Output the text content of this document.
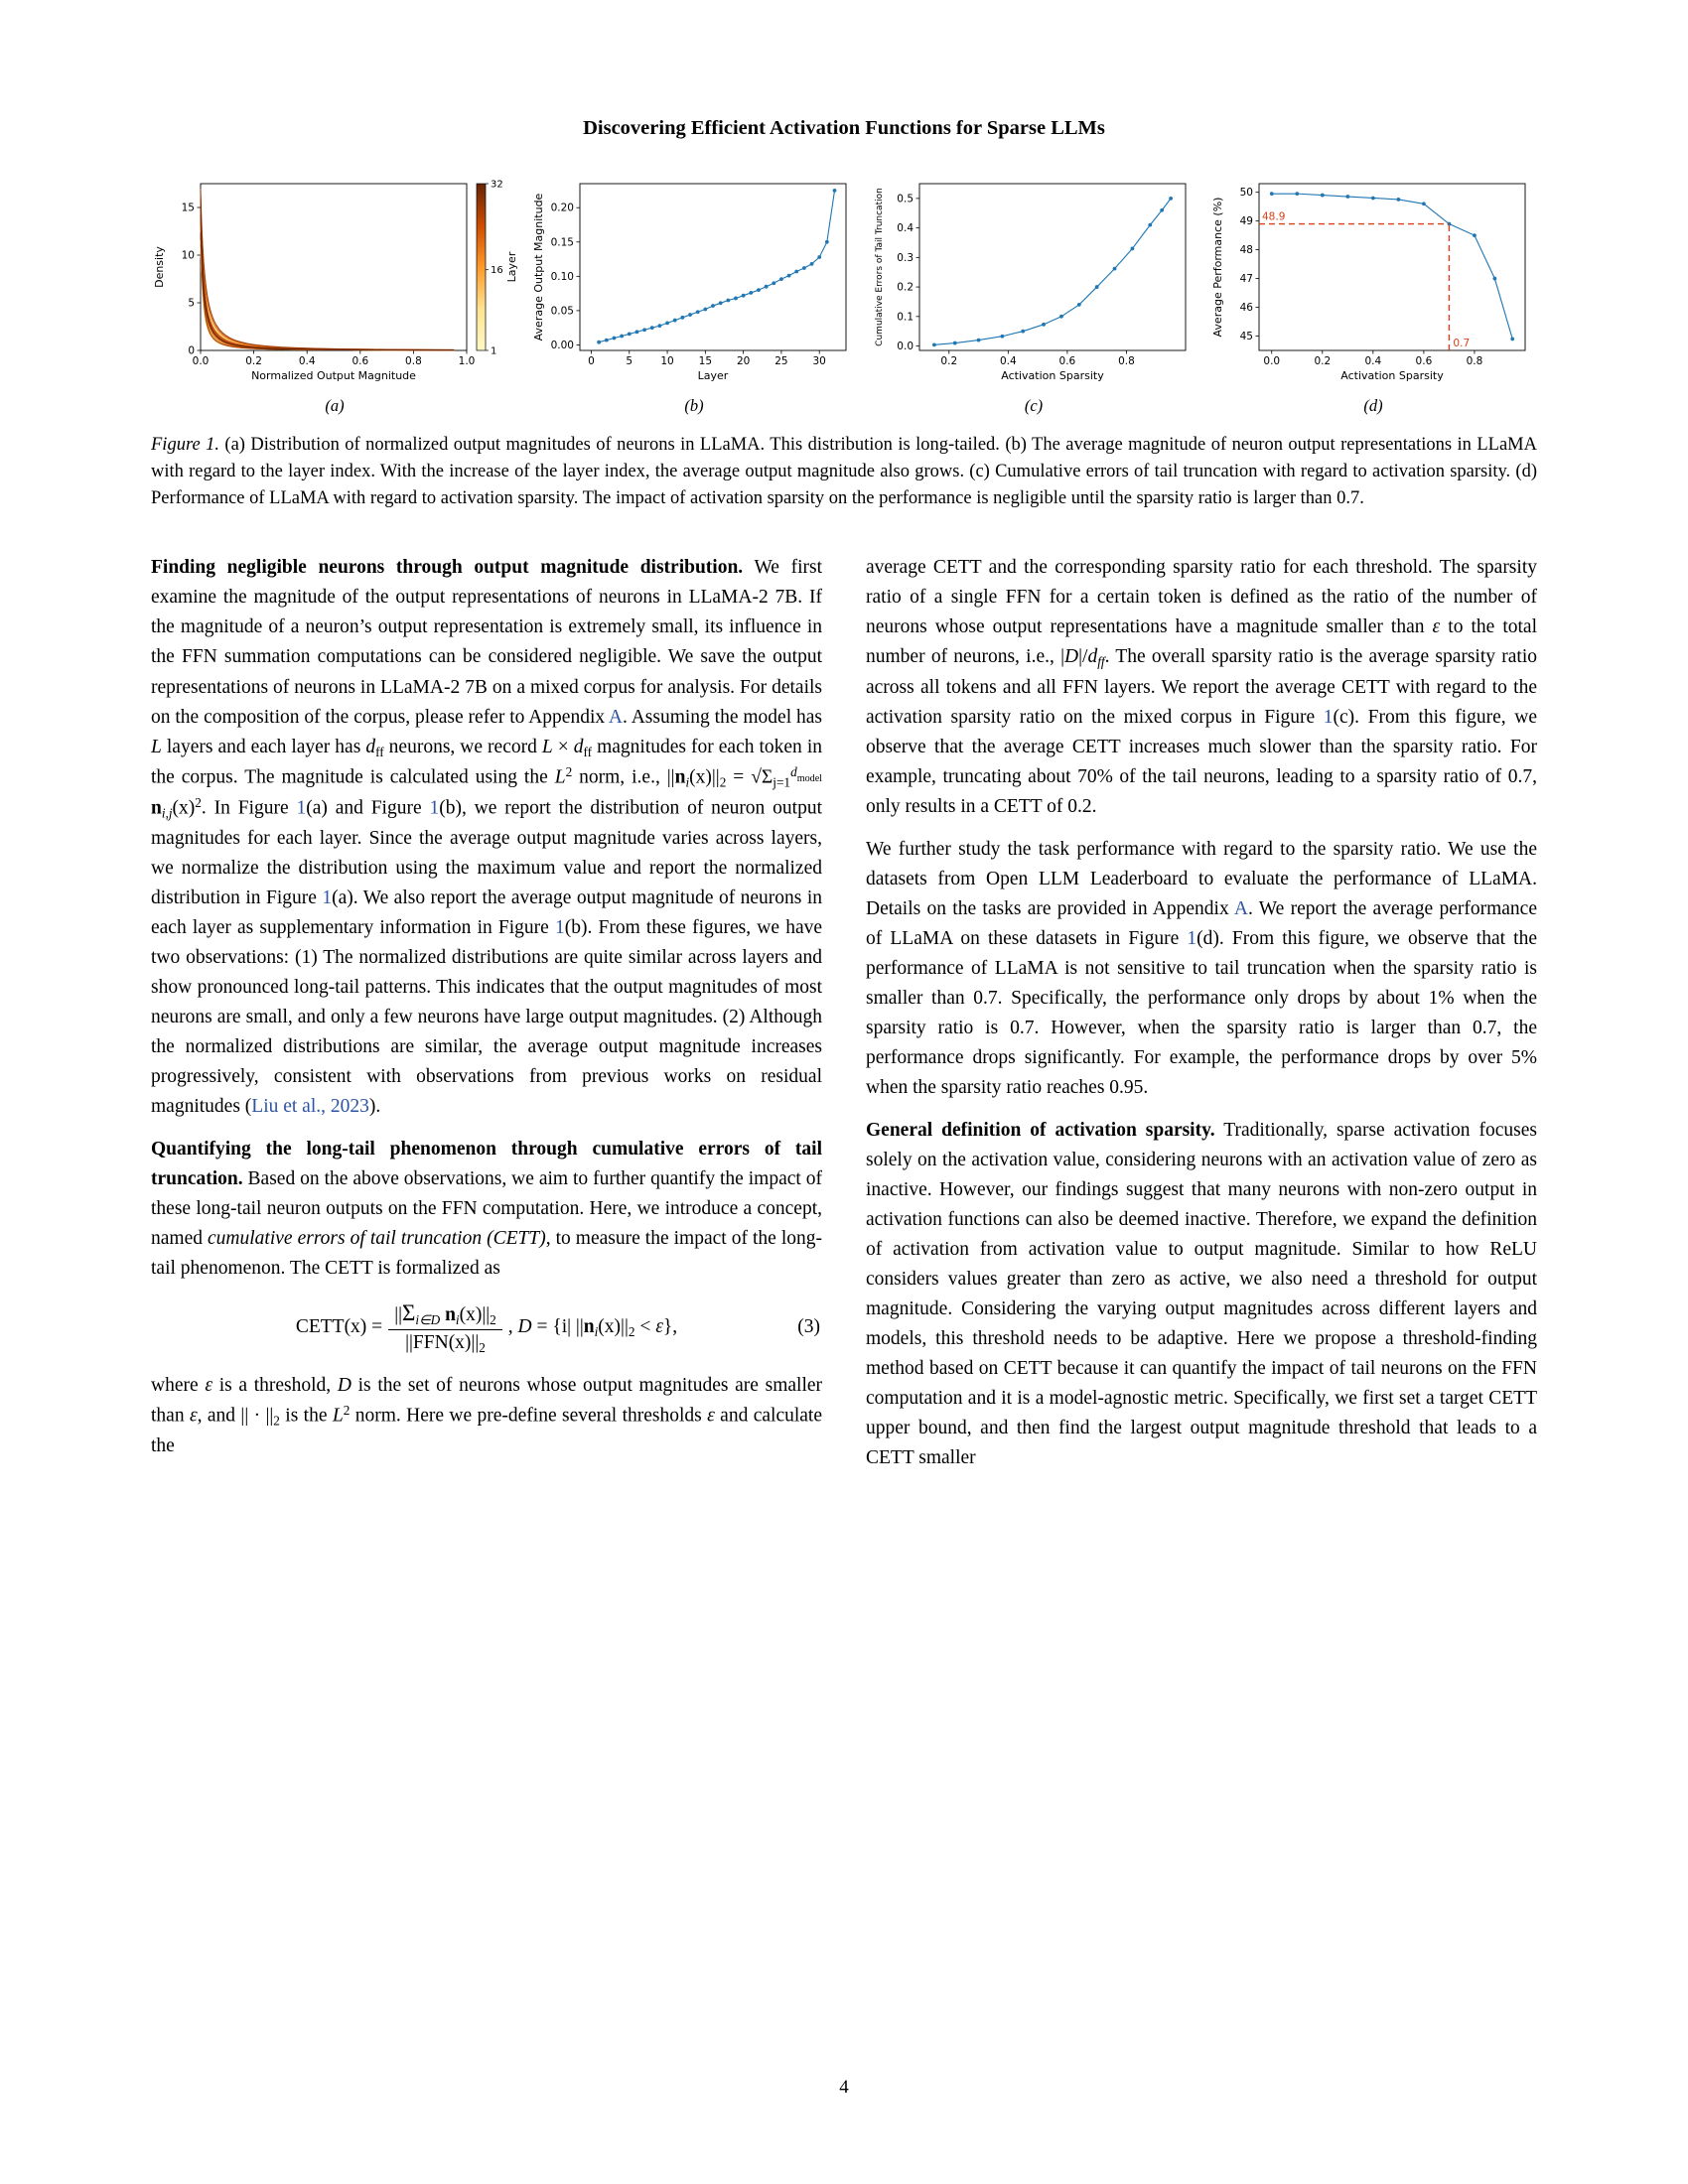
Discovering Efficient Activation Functions for Sparse LLMs
0.0	0.2	0.4	0.6	0.8	1.0
0
5
10
15
Normalized Output Magnitude
Density
1
16
32
Layer
(a)
0	5	10 15 20 25 30
0.00
0.05
0.10
0.15
0.20
Layer
Average Output Magnitude
(b)
0.2	0.4	0.6	0.8
0.0
0.1
0.2
0.3
0.4
0.5
Activation Sparsity
Cumulative Errors of Tail Truncation
(c)
0.0	0.2	0.4	0.6	0.8
45
46
47
48
49
50
Activation Sparsity
Average Performance (%)	48.9
0.7
(d)
Figure 1. (a) Distribution of normalized output magnitudes of neurons in LLaMA. This distribution is long-tailed. (b) The average magnitude of neuron output representations in LLaMA with regard to the layer index. With the increase of the layer index, the average output magnitude also grows. (c) Cumulative errors of tail truncation with regard to activation sparsity. (d) Performance of LLaMA with regard to activation sparsity. The impact of activation sparsity on the performance is negligible until the sparsity ratio is larger than 0.7.

Finding negligible neurons through output magnitude distribution. We first examine the magnitude of the output representations of neurons in LLaMA-2 7B. If the magnitude of a neuron’s output representation is extremely small, its influence in the FFN summation computations can be considered negligible. We save the output representations of neurons in LLaMA-2 7B on a mixed corpus for analysis. For details on the composition of the corpus, please refer to Appendix A. Assuming the model has L layers and each layer has $d_{ff}$ neurons, we record $L \times d_{ff}$ magnitudes for each token in the corpus. The magnitude is calculated using the $L^2$ norm, i.e., $||n_i(x)||_2$ = $√\Sigma_{j=1}^dmodel$ $n_{i,j}(x)^2$. In Figure 1(a) and Figure 1(b), we report the distribution of neuron output magnitudes for each layer. Since the average output magnitude varies across layers, we normalize the distribution using the maximum value and report the normalized distribution in Figure 1(a). We also report the average output magnitude of neurons in each layer as supplementary information in Figure 1(b). From these figures, we have two observations: (1) The normalized distributions are quite similar across layers and show pronounced long-tail patterns. This indicates that the output magnitudes of most neurons are small, and only a few neurons have large output magnitudes. (2) Although the normalized distributions are similar, the average output magnitude increases progressively, consistent with observations from previous works on residual magnitudes (Liu et al., 2023).

Quantifying the long-tail phenomenon through cumulative errors of tail truncation. Based on the above observations, we aim to further quantify the impact of these long-tail neuron outputs on the FFN computation. Here, we introduce a concept, named cumulative errors of tail truncation (CETT), to measure the impact of the long-tail phenomenon. The CETT is formalized as

CETT(x) = $\frac{||\Sigma_{i\in D} n_i(x)||_2}{||FFN(x)||_2}$ , D = {i| $||n_i(x)||_2 < \varepsilon$},	(3)

where ε is a threshold, D is the set of neurons whose output magnitudes are smaller than ε, and || · $||_2$ is the $L^2$ norm. Here we pre-define several thresholds ε and calculate the

average CETT and the corresponding sparsity ratio for each threshold. The sparsity ratio of a single FFN for a certain token is defined as the ratio of the number of neurons whose output representations have a magnitude smaller than ε to the total number of neurons, i.e., $|D|/d_{ff}$. The overall sparsity ratio is the average sparsity ratio across all tokens and all FFN layers. We report the average CETT with regard to the activation sparsity ratio on the mixed corpus in Figure 1(c). From this figure, we observe that the average CETT increases much slower than the sparsity ratio. For example, truncating about 70% of the tail neurons, leading to a sparsity ratio of 0.7, only results in a CETT of 0.2.

We further study the task performance with regard to the sparsity ratio. We use the datasets from Open LLM Leaderboard to evaluate the performance of LLaMA. Details on the tasks are provided in Appendix A. We report the average performance of LLaMA on these datasets in Figure 1(d). From this figure, we observe that the performance of LLaMA is not sensitive to tail truncation when the sparsity ratio is smaller than 0.7. Specifically, the performance only drops by about 1% when the sparsity ratio is 0.7. However, when the sparsity ratio is larger than 0.7, the performance drops significantly. For example, the performance drops by over 5% when the sparsity ratio reaches 0.95.

General definition of activation sparsity. Traditionally, sparse activation focuses solely on the activation value, considering neurons with an activation value of zero as inactive. However, our findings suggest that many neurons with non-zero output in activation functions can also be deemed inactive. Therefore, we expand the definition of activation from activation value to output magnitude. Similar to how ReLU considers values greater than zero as active, we also need a threshold for output magnitude. Considering the varying output magnitudes across different layers and models, this threshold needs to be adaptive. Here we propose a threshold-finding method based on CETT because it can quantify the impact of tail neurons on the FFN computation and it is a model-agnostic metric. Specifically, we first set a target CETT upper bound, and then find the largest output magnitude threshold that leads to a CETT smaller

4
